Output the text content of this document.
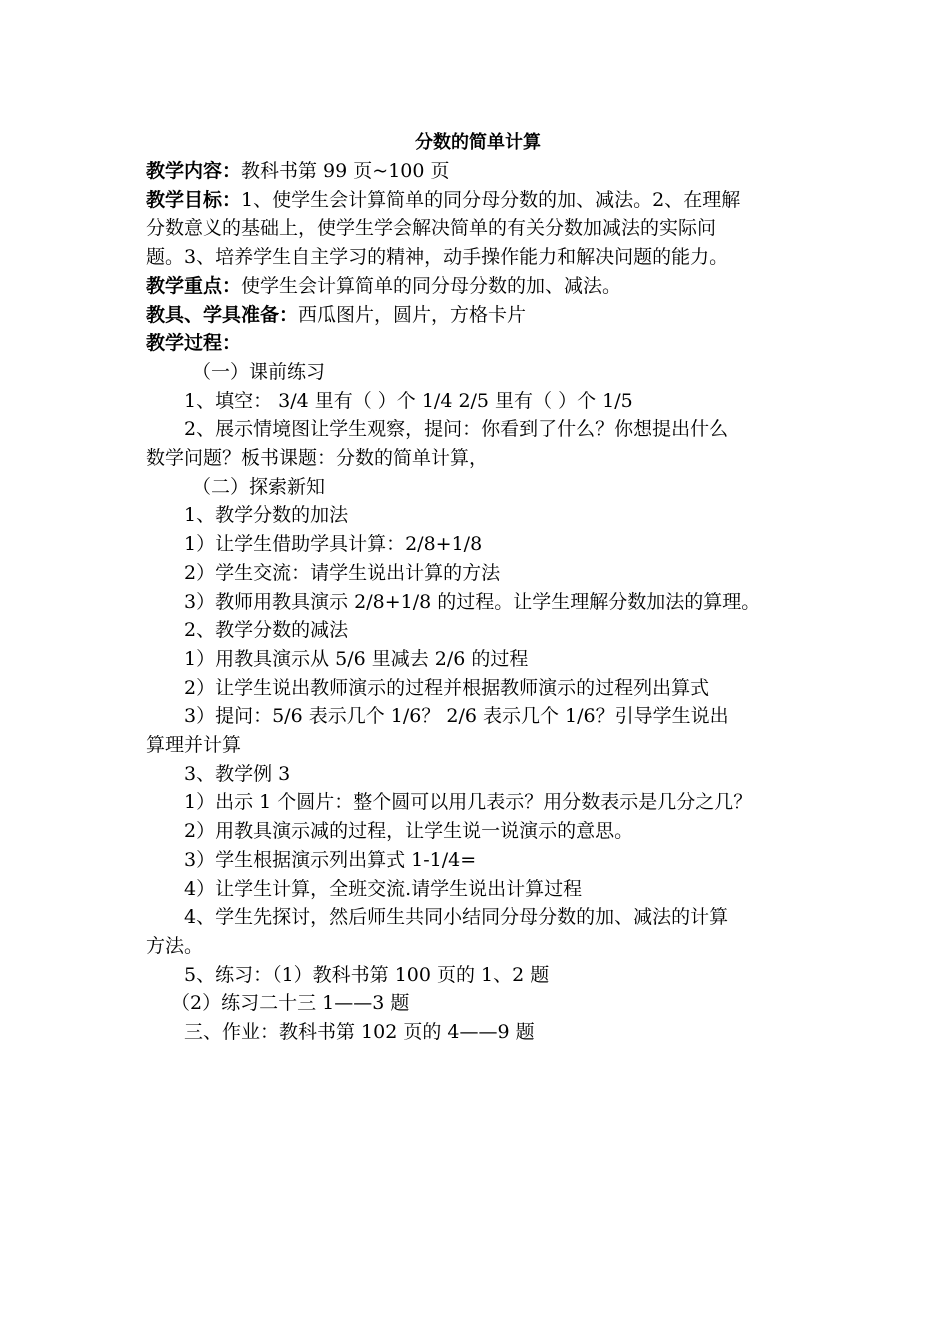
分数的简单计算
教学内容：教科书第 99 页~100 页
教学目标：1、使学生会计算简单的同分母分数的加、减法。2、在理解
分数意义的基础上，使学生学会解决简单的有关分数加减法的实际问
题。3、培养学生自主学习的精神，动手操作能力和解决问题的能力。
教学重点：使学生会计算简单的同分母分数的加、减法。
教具、学具准备：西瓜图片，圆片，方格卡片
教学过程：
（一）课前练习
1、填空： 3/4 里有（ ）个 1/4 2/5 里有（ ）个 1/5
2、展示情境图让学生观察，提问：你看到了什么？你想提出什么
数学问题？板书课题：分数的简单计算，
（二）探索新知
1、教学分数的加法
1）让学生借助学具计算：2/8+1/8
2）学生交流：请学生说出计算的方法
3）教师用教具演示 2/8+1/8 的过程。让学生理解分数加法的算理。
2、教学分数的减法
1）用教具演示从 5/6 里减去 2/6 的过程
2）让学生说出教师演示的过程并根据教师演示的过程列出算式
3）提问：5/6 表示几个 1/6？ 2/6 表示几个 1/6？引导学生说出
算理并计算
3、教学例 3
1）出示 1 个圆片：整个圆可以用几表示？用分数表示是几分之几？
2）用教具演示减的过程，让学生说一说演示的意思。
3）学生根据演示列出算式 1-1/4=
4）让学生计算，全班交流.请学生说出计算过程
4、学生先探讨，然后师生共同小结同分母分数的加、减法的计算
方法。
5、练习：（1）教科书第 100 页的 1、2 题
（2）练习二十三 1——3 题
三、作业：教科书第 102 页的 4——9 题
